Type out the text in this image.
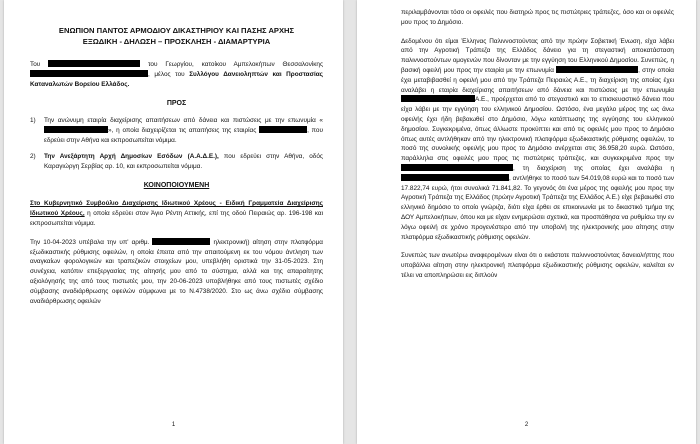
ΕΝΩΠΙΟΝ ΠΑΝΤΟΣ ΑΡΜΟΔΙΟΥ ΔΙΚΑΣΤΗΡΙΟΥ ΚΑΙ ΠΑΣΗΣ ΑΡΧΗΣ

ΕΞΩΔΙΚΗ - ΔΗΛΩΣΗ – ΠΡΟΣΚΛΗΣΗ - ΔΙΑΜΑΡΤΥΡΙΑ

Του	του Γεωργίου, κατοίκου Αμπελοκήπων Θεσσαλονίκης , μέλος του Συλλόγου Δανειοληπτών και Προστασίας Καταναλωτών Βορείου Ελλάδος.

ΠΡΟΣ

1) Την ανώνυμη εταιρία διαχείρισης απαιτήσεων από δάνεια και πιστώσεις με την επωνυμία «», η οποία διαχειρίζεται τις απαιτήσεις της εταιρίας	, που εδρεύει στην Αθήνα και εκπροσωπείται νόμιμα.
2) Την Ανεξάρτητη Αρχή Δημοσίων Εσόδων (Α.Α.Δ.Ε.), που εδρεύει στην Αθήνα, οδός Καραγιώργη Σερβίας αρ. 10, και εκπροσωπείται νόμιμα.

ΚΟΙΝΟΠΟΙΟΥΜΕΝΗ

Στο Κυβερνητικό Συμβούλιο Διαχείρισης Ιδιωτικού Χρέους - Ειδική Γραμματεία Διαχείρισης Ιδιωτικού Χρέους, η οποία εδρεύει στον Άγιο Ρέντη Αττικής, επί της οδού Πειραιώς αρ. 196-198 και εκπροσωπείται νόμιμα.

Την 10-04-2023 υπέβαλα την υπ' αριθμ.	ηλεκτρονική) αίτηση στην πλατφόρμα εξωδικαστικής ρύθμισης οφειλών, η οποία έπειτα από την απαιτούμενη εκ του νόμου άντληση των αναγκαίων φορολογικών και τραπεζικών στοιχείων μου, υπεβλήθη οριστικά την 31-05-2023. Στη συνέχεια, κατόπιν επεξεργασίας της αίτησής μου από το σύστημα, αλλά και της απαραίτητης αξιολόγησής της από τους πιστωτές μου, την 20-06-2023 υποβλήθηκε από τους πιστωτές σχέδιο σύμβασης αναδιάρθρωσης οφειλών σύμφωνα με το Ν.4738/2020. Στο ως άνω σχέδιο σύμβασης αναδιάρθρωσης οφειλών

1

περιλαμβάνονται τόσο οι οφειλές που διατηρώ προς τις πιστώτριες τράπεζες, όσο και οι οφειλές μου προς το Δημόσιο.

Δεδομένου ότι είμαι Έλληνας Παλιννοστούντας από την πρώην Σοβιετική Ένωση, είχα λάβει από την Αγροτική Τράπεζα της Ελλάδος δάνειο για τη στεγαστική αποκατάσταση παλιννοστούντων ομογενών που δίνονταν με την εγγύηση του Ελληνικού Δημοσίου. Συνεπώς, η βασική οφειλή μου προς την εταιρία με την επωνυμία	, στην οποία έχει μεταβιβασθεί η οφειλή μου από την Τράπεζα Πειραιώς Α.Ε., τη διαχείριση της οποίας έχει αναλάβει η εταιρία διαχείρισης απαιτήσεων από δάνεια και πιστώσεις με την επωνυμία Α.Ε., προέρχεται από το στεγαστικό και το επισκευαστικό δάνειο που είχα λάβει με την εγγύηση του ελληνικού Δημοσίου. Ωστόσο, ένα μεγάλο μέρος της ως άνω οφειλής έχει ήδη βεβαιωθεί στο Δημόσιο, λόγω κατάπτωσης της εγγύησης του ελληνικού δημοσίου. Συγκεκριμένα, όπως άλλωστε προκύπτει και από τις οφειλές μου προς το Δημόσιο όπως αυτές αντλήθηκαν από την ηλεκτρονική πλατφόρμα εξωδικαστικής ρύθμισης οφειλών, το ποσό της συνολικής οφειλής μου προς το Δημόσιο ανέρχεται στις 36.958,20 ευρώ. Ωστόσο, παράλληλα στις οφειλές μου προς τις πιστώτριες τράπεζες, και συγκεκριμένα προς την , τη διαχείριση της οποίας έχει αναλάβει η , αντλήθηκε το ποσό των 54.019,08 ευρώ και το ποσό των 17.822,74 ευρώ, ήτοι συνολικά 71.841,82. Το γεγονός ότι ένα μέρος της οφειλής μου προς την Αγροτική Τράπεζα της Ελλάδος (πρώην Αγροτική Τράπεζα της Ελλάδος Α.Ε.) είχε βεβαιωθεί στο ελληνικό δημόσιο το οποίο γνώριζα, διότι είχα έρθει σε επικοινωνία με το δικαστικό τμήμα της ΔΟΥ Αμπελοκήπων, όπου και με είχαν ενημερώσει σχετικά, και προσπάθησα να ρυθμίσω την εν λόγω οφειλή σε χρόνο προγενέστερο από την υποβολή της ηλεκτρονικής μου αίτησης στην πλατφόρμα εξωδικαστικής ρύθμισης οφειλών.

Συνεπώς των ανωτέρω αναφερομένων είναι ότι ο εκάστοτε παλιννοστούντας δανειολήπτης που υποβάλλει αίτηση στην ηλεκτρονική πλατφόρμα εξωδικαστικής ρύθμισης οφειλών, καλείται εν τέλει να αποπληρώσει εις διπλούν

2
